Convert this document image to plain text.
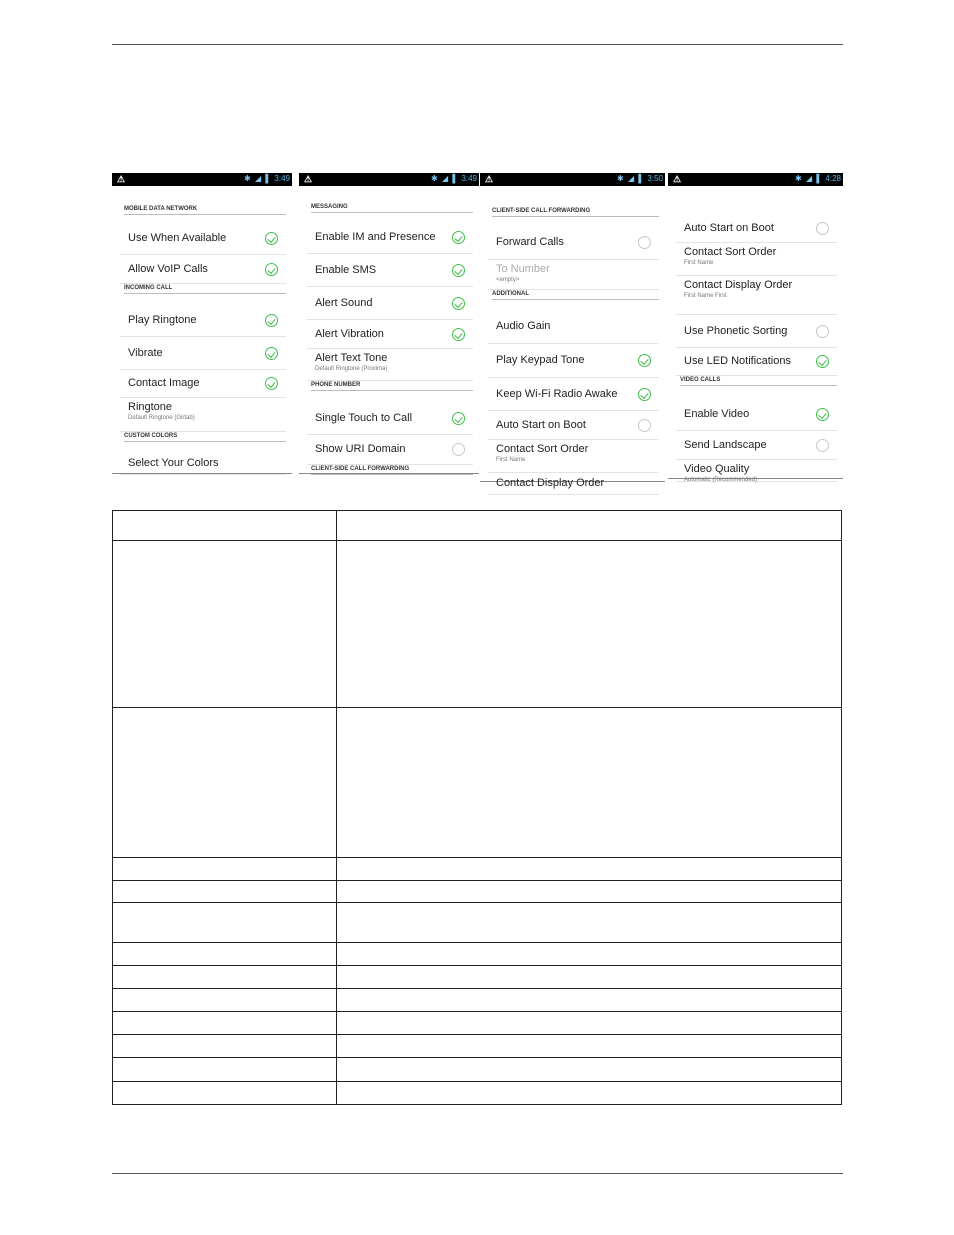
⚠	✱ ◢ ▌ 3:49
MOBILE DATA NETWORK
Use When Available
Allow VoIP Calls
INCOMING CALL
Play Ringtone
Vibrate
Contact Image
Ringtone
Default Ringtone (Girtab)
CUSTOM COLORS
Select Your Colors
⚠	✱ ◢ ▌ 3:49
MESSAGING
Enable IM and Presence
Enable SMS
Alert Sound
Alert Vibration
Alert Text Tone
Default Ringtone (Proxima)
PHONE NUMBER
Single Touch to Call
Show URI Domain
CLIENT-SIDE CALL FORWARDING
⚠	✱ ◢ ▌ 3:50
CLIENT-SIDE CALL FORWARDING
Forward Calls
To Number
<empty>
ADDITIONAL
Audio Gain
Play Keypad Tone
Keep Wi-Fi Radio Awake
Auto Start on Boot
Contact Sort Order
First Name
Contact Display Order
⚠	✱ ◢ ▌ 4:28
Auto Start on Boot
Contact Sort Order
First Name
Contact Display Order
First Name First
Use Phonetic Sorting
Use LED Notifications
VIDEO CALLS
Enable Video
Send Landscape
Video Quality
Automatic (Recommended)
